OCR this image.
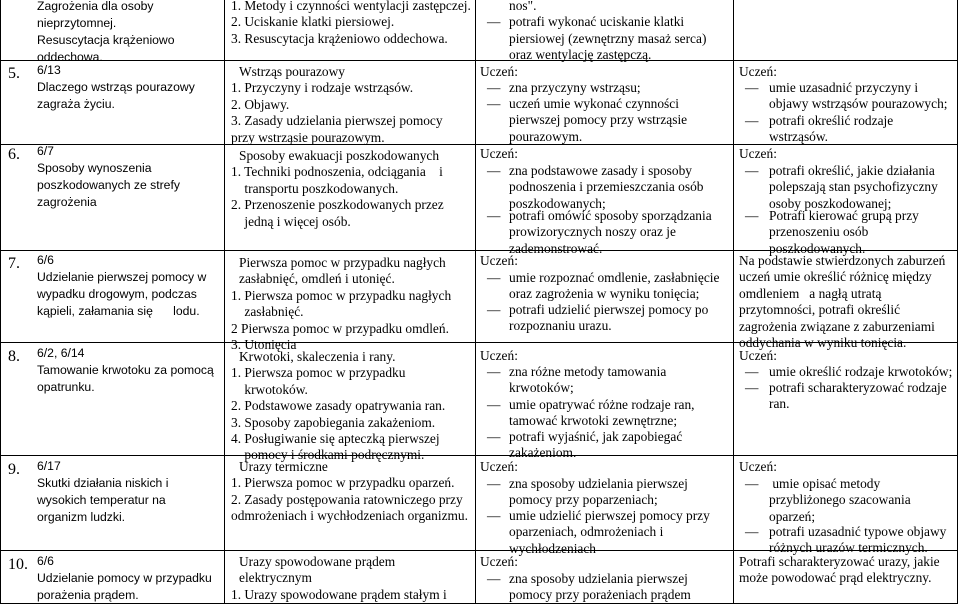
Zagrożenia dla osoby
nieprzytomnej.
Resuscytacja krążeniowo
oddechowa.
5. 6/13
Dlaczego wstrząs pourazowy
zagraża życiu.
6. 6/7
Sposoby wynoszenia
poszkodowanych ze strefy
zagrożenia
7. 6/6
Udzielanie pierwszej pomocy w
wypadku drogowym, podczas
kąpieli, załamania się      lodu.
8. 6/2, 6/14
Tamowanie krwotoku za pomocą
opatrunku.
9. 6/17
Skutki działania niskich i
wysokich temperatur na
organizm ludzki.
10. 6/6
Udzielanie pomocy w przypadku
porażenia prądem.
1. Metody i czynności wentylacji zastępczej.
2. Uciskanie klatki piersiowej.
3. Resuscytacja krążeniowo oddechowa.
Wstrząs pourazowy
1. Przyczyny i rodzaje wstrząsów.
2. Objawy.
3. Zasady udzielania pierwszej pomocy
przy wstrząsie pourazowym.
Sposoby ewakuacji poszkodowanych
1. Techniki podnoszenia, odciągania    i
transportu poszkodowanych.
2. Przenoszenie poszkodowanych przez
jedną i więcej osób.
Pierwsza pomoc w przypadku nagłych
zasłabnięć, omdleń i utonięć.
1. Pierwsza pomoc w przypadku nagłych
zasłabnięć.
2 Pierwsza pomoc w przypadku omdleń.
3. Utonięcia
Krwotoki, skaleczenia i rany.
1. Pierwsza pomoc w przypadku
krwotoków.
2. Podstawowe zasady opatrywania ran.
3. Sposoby zapobiegania zakażeniom.
4. Posługiwanie się apteczką pierwszej
pomocy i środkami podręcznymi.
Urazy termiczne
1. Pierwsza pomoc w przypadku oparzeń.
2. Zasady postępowania ratowniczego przy
odmrożeniach i wychłodzeniach organizmu.
Urazy spowodowane prądem
elektrycznym
1. Urazy spowodowane prądem stałym i
nos".
potrafi wykonać uciskanie klatki
piersiowej (zewnętrzny masaż serca)
oraz wentylację zastępczą.
—
Uczeń:
— zna przyczyny wstrząsu;
— uczeń umie wykonać czynności
pierwszej pomocy przy wstrząsie
pourazowym.
Uczeń:
— zna podstawowe zasady i sposoby
podnoszenia i przemieszczania osób
poszkodowanych;
— potrafi omówić sposoby sporządzania
prowizorycznych noszy oraz je
zademonstrować.
Uczeń:
— umie rozpoznać omdlenie, zasłabnięcie
oraz zagrożenia w wyniku tonięcia;
— potrafi udzielić pierwszej pomocy po
rozpoznaniu urazu.
Uczeń:
— zna różne metody tamowania
krwotoków;
— umie opatrywać różne rodzaje ran,
tamować krwotoki zewnętrzne;
— potrafi wyjaśnić, jak zapobiegać
zakażeniom.
Uczeń:
— zna sposoby udzielania pierwszej
pomocy przy poparzeniach;
— umie udzielić pierwszej pomocy przy
oparzeniach, odmrożeniach i
wychłodzeniach
Uczeń:
— zna sposoby udzielania pierwszej
pomocy przy porażeniach prądem
Uczeń:
— umie uzasadnić przyczyny i
objawy wstrząsów pourazowych;
— potrafi określić rodzaje
wstrząsów.
Uczeń:
— potrafi określić, jakie działania
polepszają stan psychofizyczny
osoby poszkodowanej;
— Potrafi kierować grupą przy
przenoszeniu osób
poszkodowanych.
Na podstawie stwierdzonych zaburzeń
uczeń umie określić różnicę między
omdleniem   a nagłą utratą
przytomności, potrafi określić
zagrożenia związane z zaburzeniami
oddychania w wyniku tonięcia.
Uczeń:
— umie określić rodzaje krwotoków;
— potrafi scharakteryzować rodzaje
ran.
Uczeń:
— umie opisać metody
przybliżonego szacowania
oparzeń;
— potrafi uzasadnić typowe objawy
różnych urazów termicznych.
Potrafi scharakteryzować urazy, jakie
może powodować prąd elektryczny.
